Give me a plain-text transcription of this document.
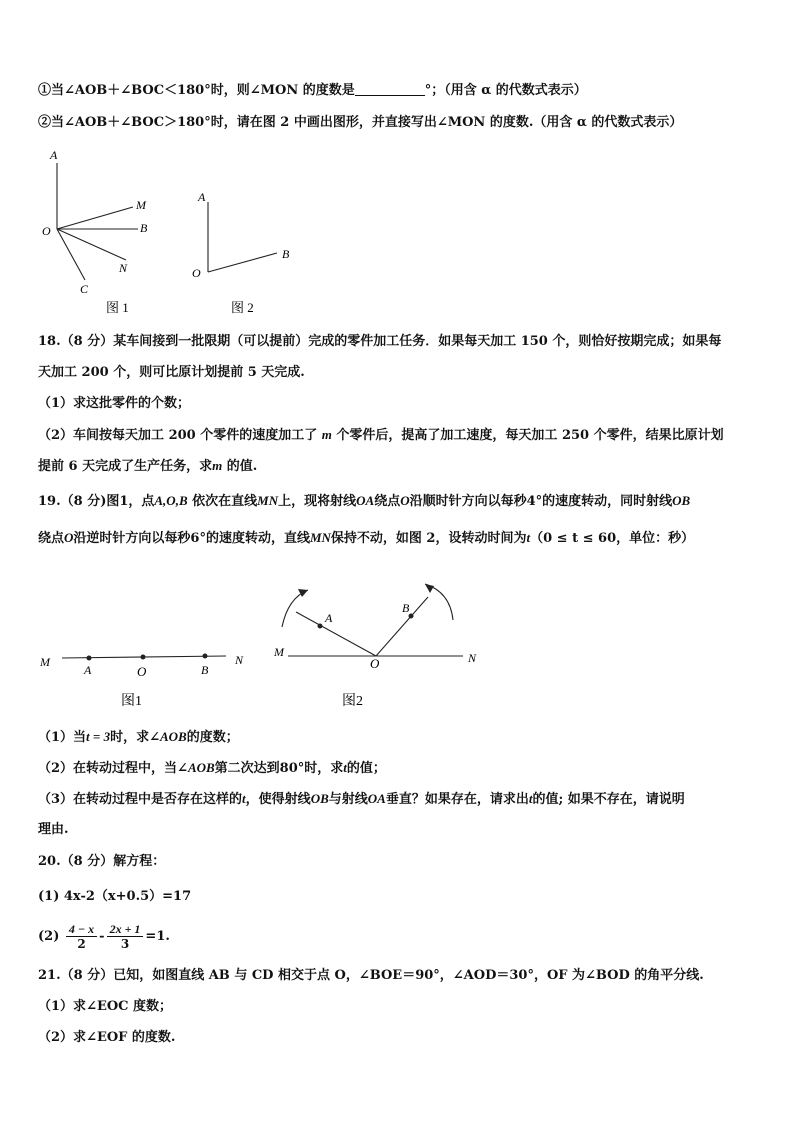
①当∠AOB＋∠BOC＜180°时，则∠MON 的度数是	°；（用含 α 的代数式表示）
②当∠AOB＋∠BOC＞180°时，请在图 2 中画出图形，并直接写出∠MON 的度数.（用含 α 的代数式表示）
A
O
M
B
N
C
图 1
A
O
B
图 2
18.（8 分）某车间接到一批限期（可以提前）完成的零件加工任务．如果每天加工 150 个，则恰好按期完成；如果每
天加工 200 个，则可比原计划提前 5 天完成.
（1）求这批零件的个数；
（2）车间按每天加工 200 个零件的速度加工了 m 个零件后，提高了加工速度，每天加工 250 个零件，结果比原计划
提前 6 天完成了生产任务，求m 的值.
19.（8 分)图1，点A,O,B 依次在直线MN上，现将射线OA绕点O沿顺时针方向以每秒4°的速度转动，同时射线OB
绕点O沿逆时针方向以每秒6°的速度转动，直线MN保持不动，如图 2，设转动时间为t（0 ≤ t ≤ 60，单位：秒）
M
A	O	B
N
图1
M
A
O
B
N
图2
（1）当t = 3时，求∠AOB的度数；
（2）在转动过程中，当∠AOB第二次达到80°时，求t的值；
（3）在转动过程中是否存在这样的t，使得射线OB与射线OA垂直？如果存在，请求出t的值; 如果不存在，请说明
理由.
20.（8 分）解方程：
(1) 4x-2（x+0.5）=17
$(2) \frac{4 - x}{2} - \frac{2x + 1}{3} =1$.
21.（8 分）已知，如图直线 AB 与 CD 相交于点 O，∠BOE＝90°，∠AOD＝30°，OF 为∠BOD 的角平分线.
（1）求∠EOC 度数；
（2）求∠EOF 的度数.
